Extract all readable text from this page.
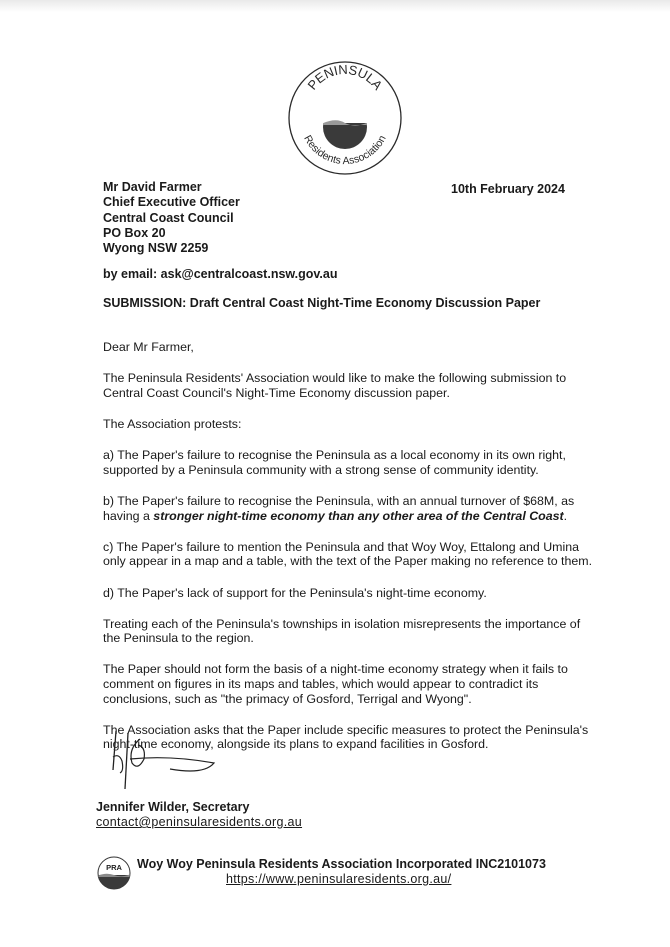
PENINSULA
Residents Association
10th February 2024
Mr David Farmer
Chief Executive Officer
Central Coast Council
PO Box 20
Wyong NSW 2259
by email: ask@centralcoast.nsw.gov.au
SUBMISSION: Draft Central Coast Night-Time Economy Discussion Paper

Dear Mr Farmer,

The Peninsula Residents' Association would like to make the following submission to Central Coast Council's Night-Time Economy discussion paper.

The Association protests:

a) The Paper's failure to recognise the Peninsula as a local economy in its own right, supported by a Peninsula community with a strong sense of community identity.

b) The Paper's failure to recognise the Peninsula, with an annual turnover of $68M, as having a stronger night-time economy than any other area of the Central Coast.

c) The Paper's failure to mention the Peninsula and that Woy Woy, Ettalong and Umina only appear in a map and a table, with the text of the Paper making no reference to them.

d) The Paper's lack of support for the Peninsula's night-time economy.

Treating each of the Peninsula's townships in isolation misrepresents the importance of the Peninsula to the region.

The Paper should not form the basis of a night-time economy strategy when it fails to comment on figures in its maps and tables, which would appear to contradict its conclusions, such as "the primacy of Gosford, Terrigal and Wyong".

The Association asks that the Paper include specific measures to protect the Peninsula's night-time economy, alongside its plans to expand facilities in Gosford.

Jennifer Wilder, Secretary
contact@peninsularesidents.org.au
PRA Woy Woy Peninsula Residents Association Incorporated INC2101073
https://www.peninsularesidents.org.au/
